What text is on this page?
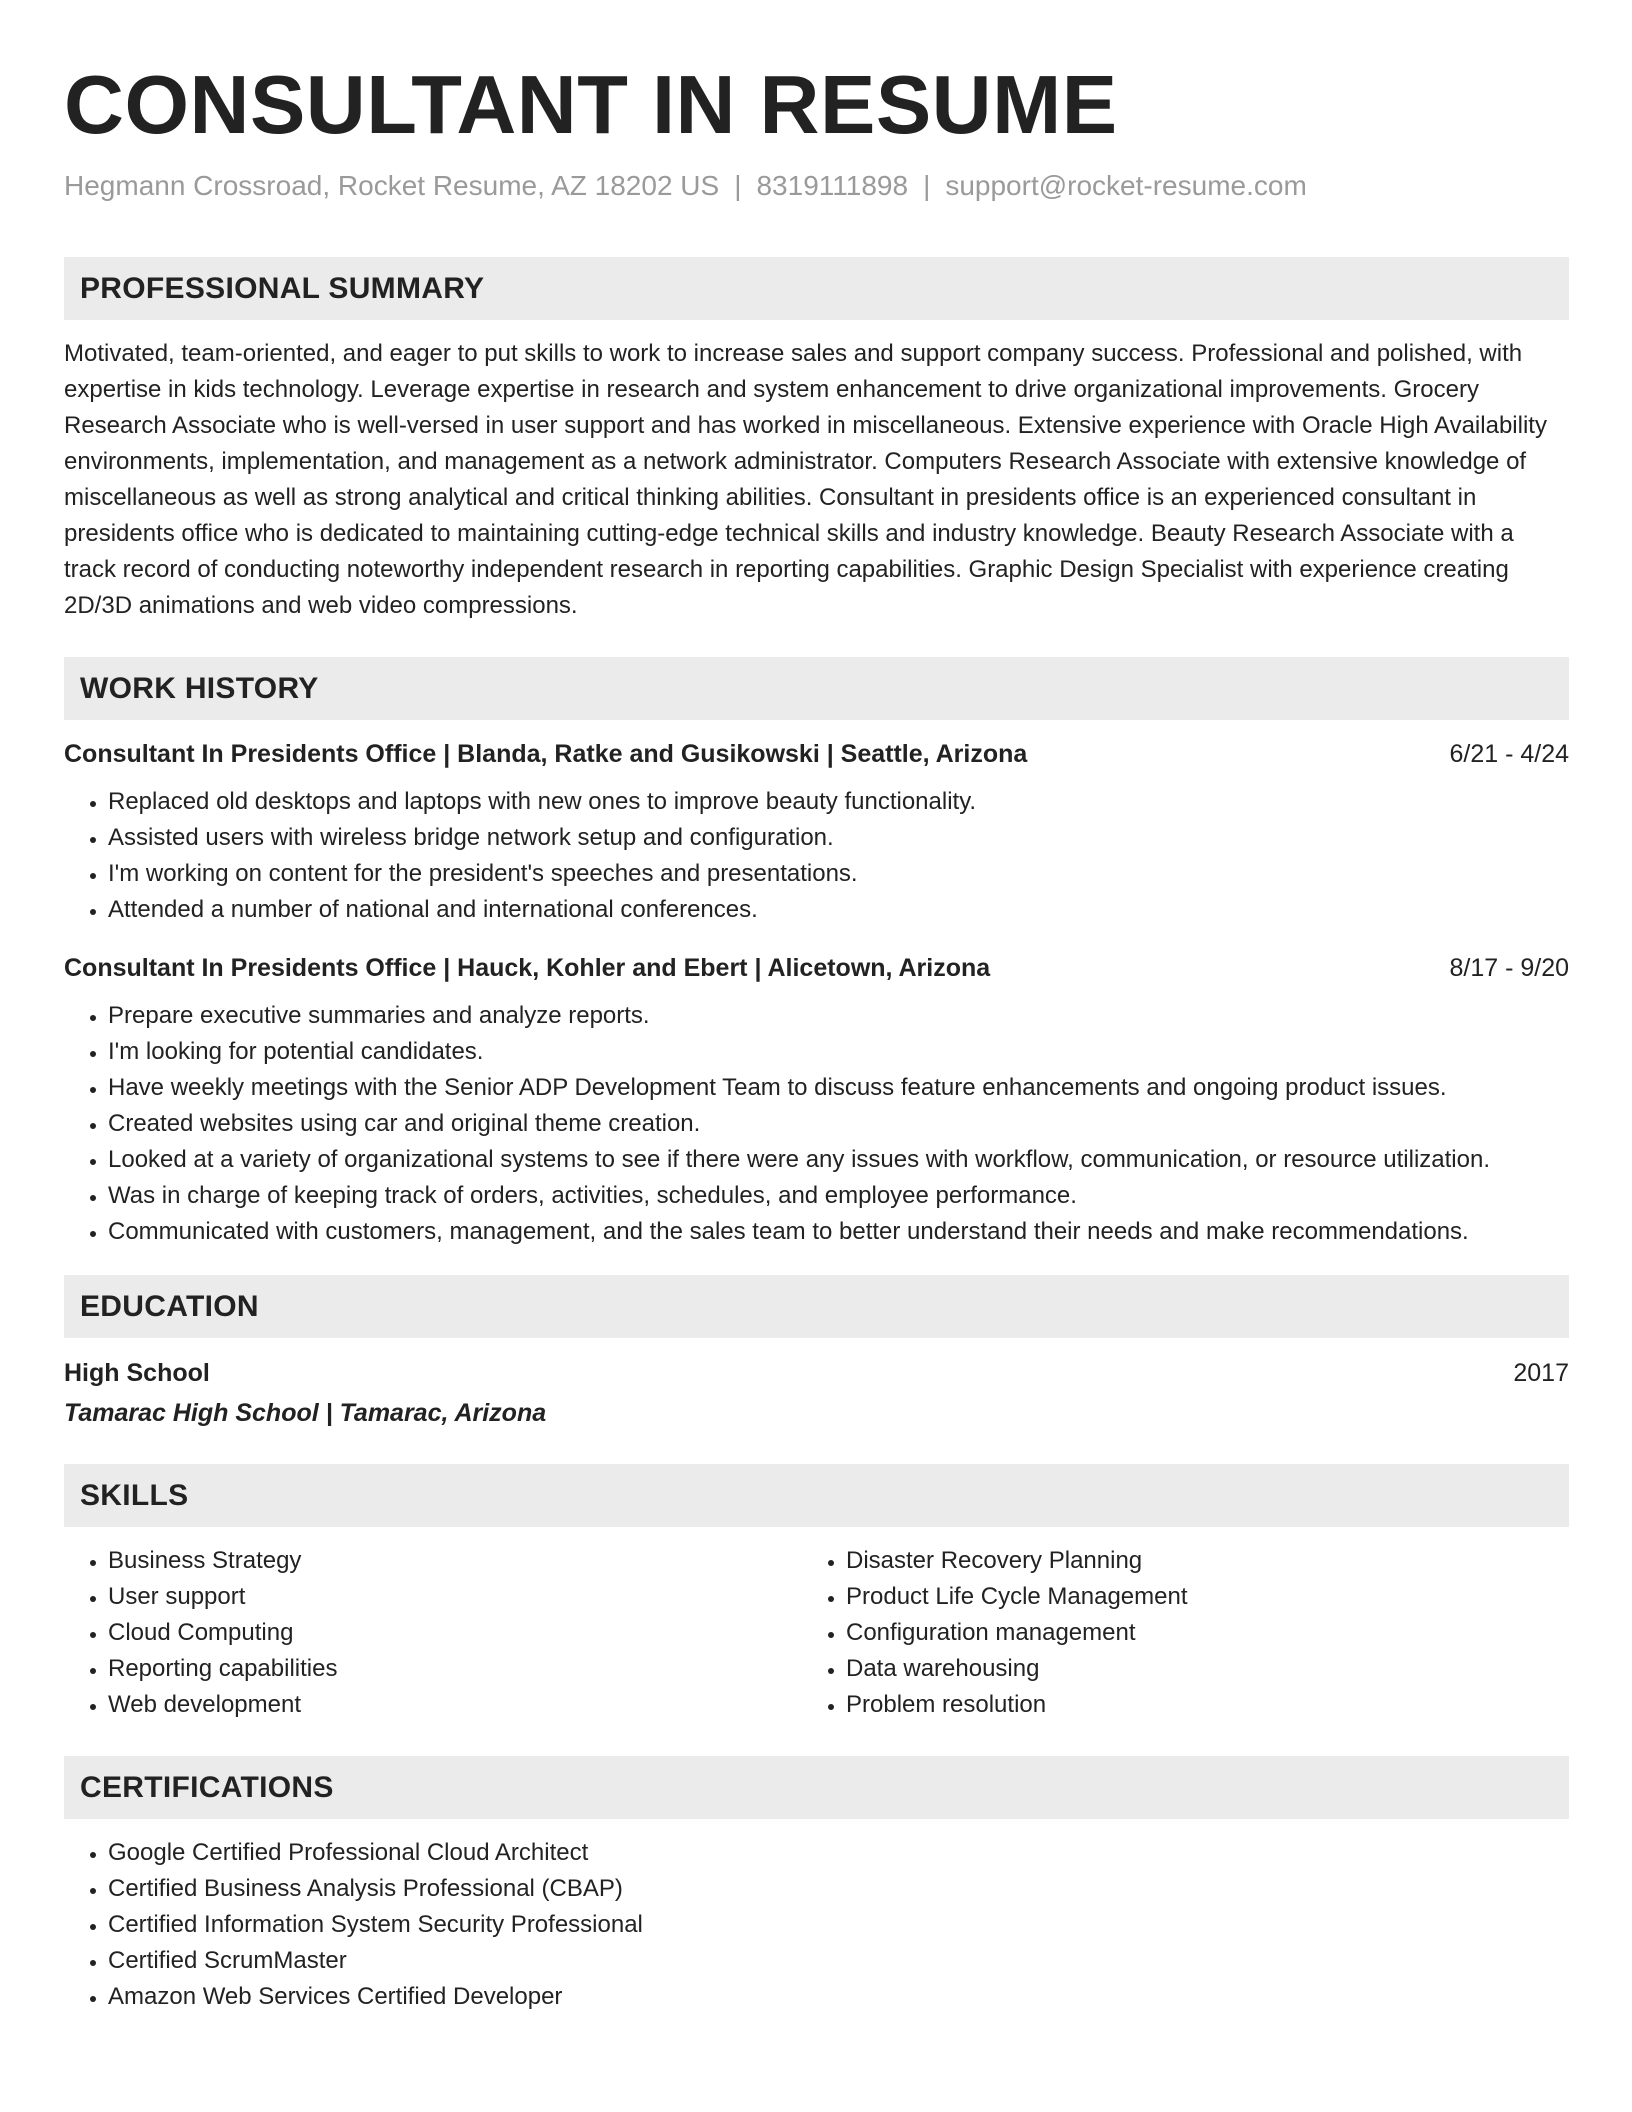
CONSULTANT IN RESUME
Hegmann Crossroad, Rocket Resume, AZ 18202 US | 8319111898 | support@rocket-resume.com
PROFESSIONAL SUMMARY
Motivated, team-oriented, and eager to put skills to work to increase sales and support company success. Professional and polished, with expertise in kids technology. Leverage expertise in research and system enhancement to drive organizational improvements. Grocery Research Associate who is well-versed in user support and has worked in miscellaneous. Extensive experience with Oracle High Availability environments, implementation, and management as a network administrator. Computers Research Associate with extensive knowledge of miscellaneous as well as strong analytical and critical thinking abilities. Consultant in presidents office is an experienced consultant in presidents office who is dedicated to maintaining cutting-edge technical skills and industry knowledge. Beauty Research Associate with a track record of conducting noteworthy independent research in reporting capabilities. Graphic Design Specialist with experience creating 2D/3D animations and web video compressions.
WORK HISTORY
Consultant In Presidents Office | Blanda, Ratke and Gusikowski | Seattle, Arizona	6/21 - 4/24
• Replaced old desktops and laptops with new ones to improve beauty functionality.
• Assisted users with wireless bridge network setup and configuration.
• I'm working on content for the president's speeches and presentations.
• Attended a number of national and international conferences.
Consultant In Presidents Office | Hauck, Kohler and Ebert | Alicetown, Arizona	8/17 - 9/20
• Prepare executive summaries and analyze reports.
• I'm looking for potential candidates.
• Have weekly meetings with the Senior ADP Development Team to discuss feature enhancements and ongoing product issues.
• Created websites using car and original theme creation.
• Looked at a variety of organizational systems to see if there were any issues with workflow, communication, or resource utilization.
• Was in charge of keeping track of orders, activities, schedules, and employee performance.
• Communicated with customers, management, and the sales team to better understand their needs and make recommendations.
EDUCATION
High School	2017
Tamarac High School | Tamarac, Arizona
SKILLS
• Business Strategy
• User support
• Cloud Computing
• Reporting capabilities
• Web development
• Disaster Recovery Planning
• Product Life Cycle Management
• Configuration management
• Data warehousing
• Problem resolution
CERTIFICATIONS
• Google Certified Professional Cloud Architect
• Certified Business Analysis Professional (CBAP)
• Certified Information System Security Professional
• Certified ScrumMaster
• Amazon Web Services Certified Developer
